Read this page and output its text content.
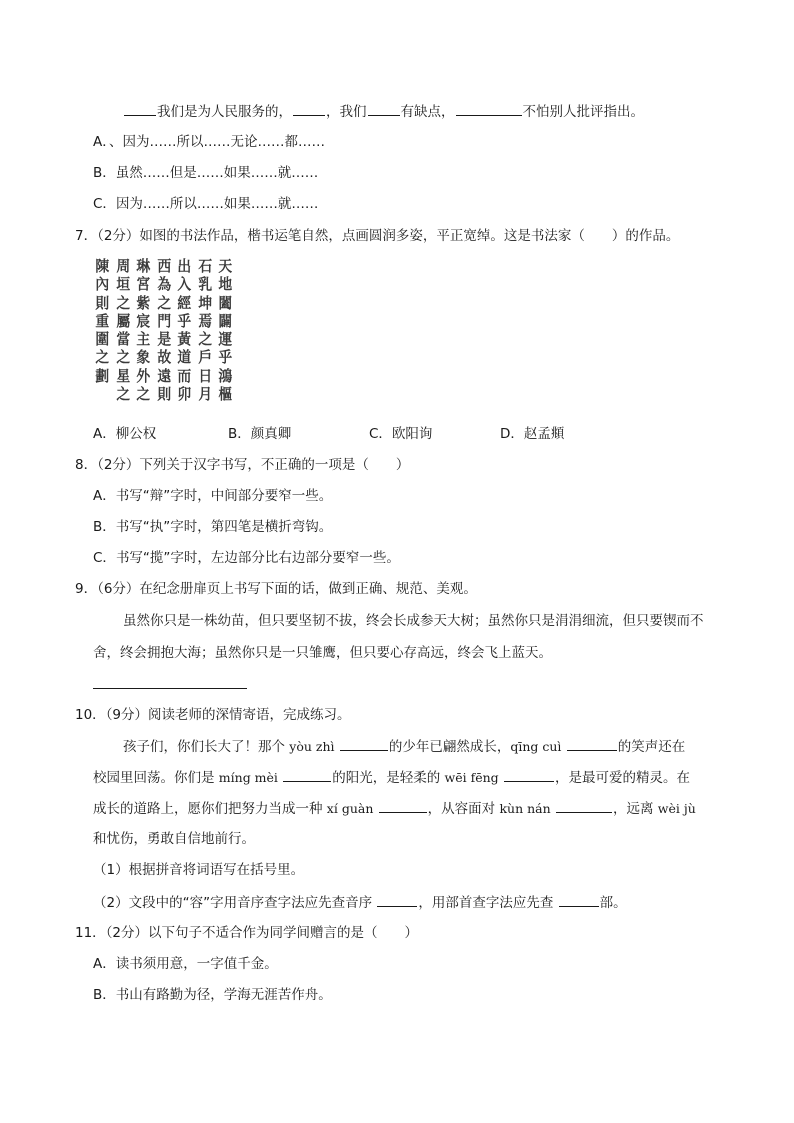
我们是为人民服务的，	，我们	有缺点，	不怕别人批评指出。
A．、因为……所以……无论……都……
B．虽然……但是……如果……就……
C．因为……所以……如果……就……
7．（2分）如图的书法作品，楷书运笔自然，点画圆润多姿，平正宽绰。这是书法家（　　）的作品。
天
地
闔
闢
運
乎
鴻
樞
石
乳
坤
焉
之
戶
日
月
出
入
經
乎
黃
道
而
卯
西
為
之
門
是
故
遠
則
琳
宮
紫
宸
主
象
外
之
周
垣
之
屬
當
之
星
之
陳
內
則
重
圍
之
劃
A．柳公权	B．颜真卿	C．欧阳询	D．赵孟頫
8．（2分）下列关于汉字书写，不正确的一项是（　　）
A．书写“辩”字时，中间部分要窄一些。
B．书写“执”字时，第四笔是横折弯钩。
C．书写“揽”字时，左边部分比右边部分要窄一些。
9．（6分）在纪念册扉页上书写下面的话，做到正确、规范、美观。
虽然你只是一株幼苗，但只要坚韧不拔，终会长成参天大树；虽然你只是涓涓细流，但只要锲而不
舍，终会拥抱大海；虽然你只是一只雏鹰，但只要心存高远，终会飞上蓝天。
10．（9分）阅读老师的深情寄语，完成练习。
孩子们，你们长大了！那个 yòu zhì	的少年已翩然成长，qīng cuì	的笑声还在
校园里回荡。你们是 míng mèi	的阳光，是轻柔的 wēi fēng	，是最可爱的精灵。在
成长的道路上，愿你们把努力当成一种 xí guàn	，从容面对 kùn nán	，远离 wèi jù
和忧伤，勇敢自信地前行。
（1）根据拼音将词语写在括号里。
（2）文段中的“容”字用音序查字法应先查音序	，用部首查字法应先查	部。
11．（2分）以下句子不适合作为同学间赠言的是（　　）
A．读书须用意，一字值千金。
B．书山有路勤为径，学海无涯苦作舟。
